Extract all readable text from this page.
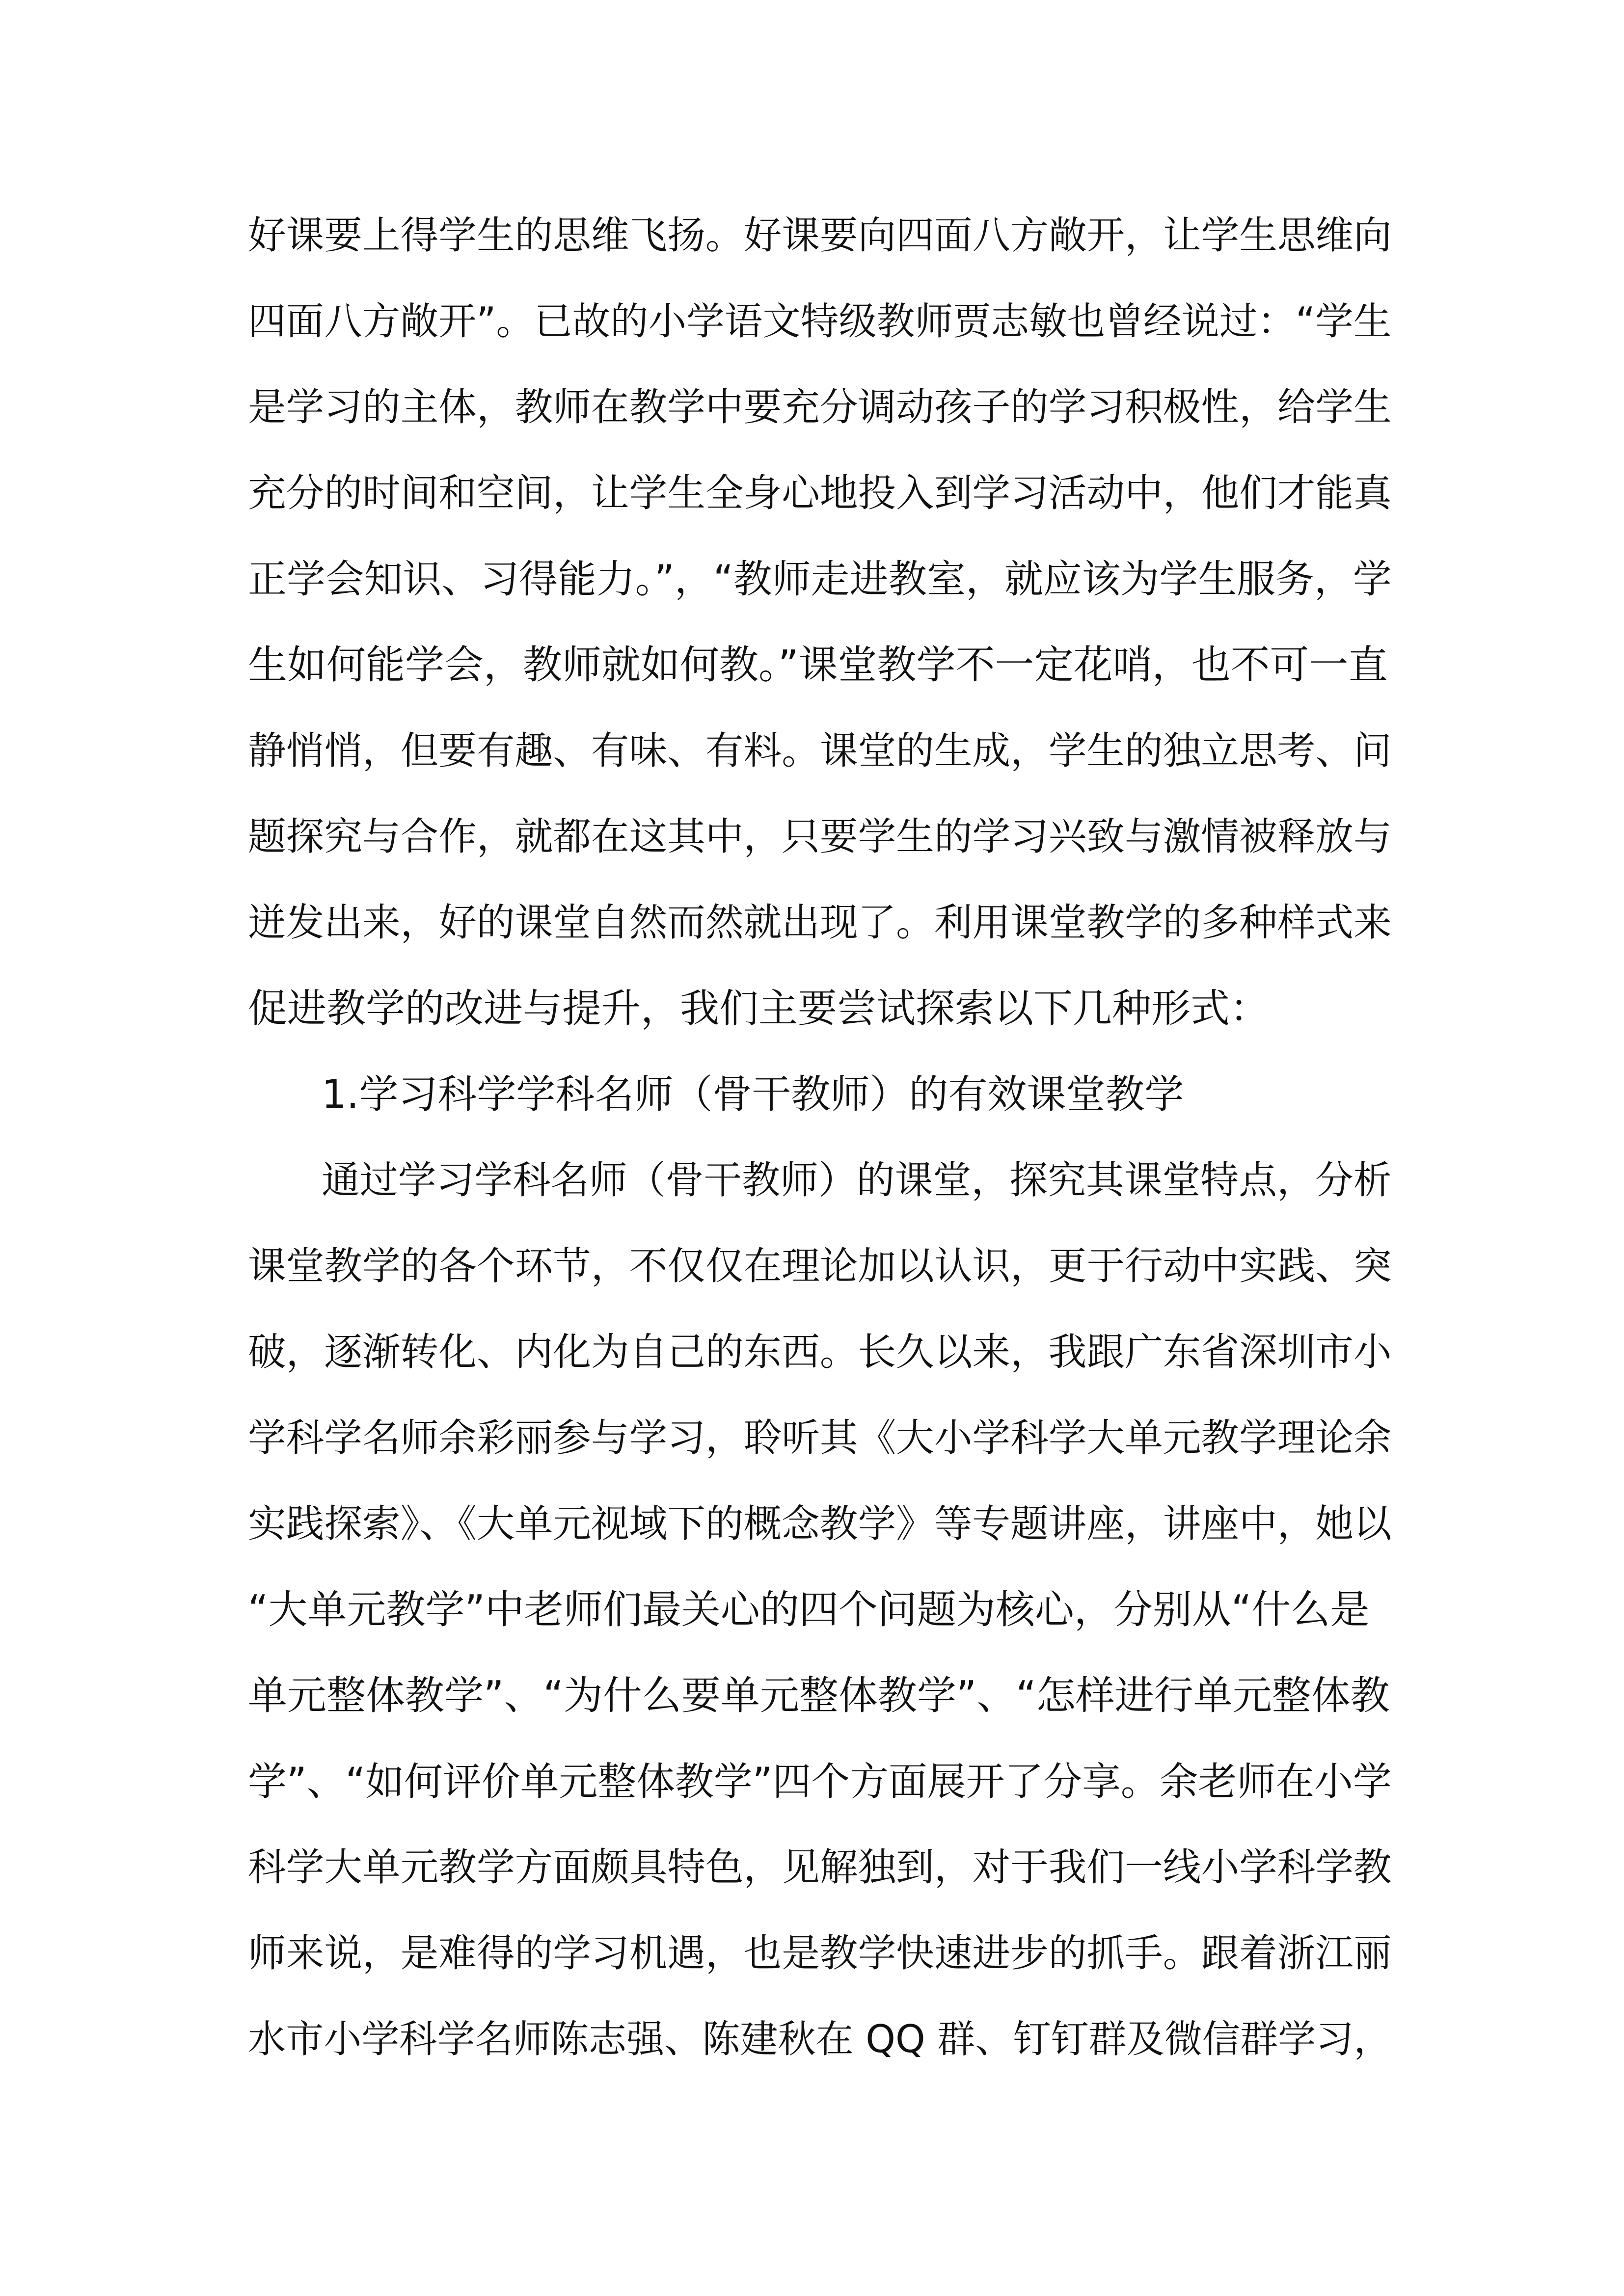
好课要上得学生的思维飞扬。好课要向四面八方敞开，让学生思维向
四面八方敞开”。已故的小学语文特级教师贾志敏也曾经说过：“学生
是学习的主体，教师在教学中要充分调动孩子的学习积极性，给学生
充分的时间和空间，让学生全身心地投入到学习活动中，他们才能真
正学会知识、习得能力。”，“教师走进教室，就应该为学生服务，学
生如何能学会，教师就如何教。”课堂教学不一定花哨，也不可一直
静悄悄，但要有趣、有味、有料。课堂的生成，学生的独立思考、问
题探究与合作，就都在这其中，只要学生的学习兴致与激情被释放与
迸发出来，好的课堂自然而然就出现了。利用课堂教学的多种样式来
促进教学的改进与提升，我们主要尝试探索以下几种形式：
1.学习科学学科名师（骨干教师）的有效课堂教学
通过学习学科名师（骨干教师）的课堂，探究其课堂特点，分析
课堂教学的各个环节，不仅仅在理论加以认识，更于行动中实践、突
破，逐渐转化、内化为自己的东西。长久以来，我跟广东省深圳市小
学科学名师余彩丽参与学习，聆听其《大小学科学大单元教学理论余
实践探索》、《大单元视域下的概念教学》等专题讲座，讲座中，她以
“大单元教学”中老师们最关心的四个问题为核心，分别从“什么是
单元整体教学”、“为什么要单元整体教学”、“怎样进行单元整体教
学”、“如何评价单元整体教学”四个方面展开了分享。余老师在小学
科学大单元教学方面颇具特色，见解独到，对于我们一线小学科学教
师来说，是难得的学习机遇，也是教学快速进步的抓手。跟着浙江丽
水市小学科学名师陈志强、陈建秋在 QQ 群、钉钉群及微信群学习，
